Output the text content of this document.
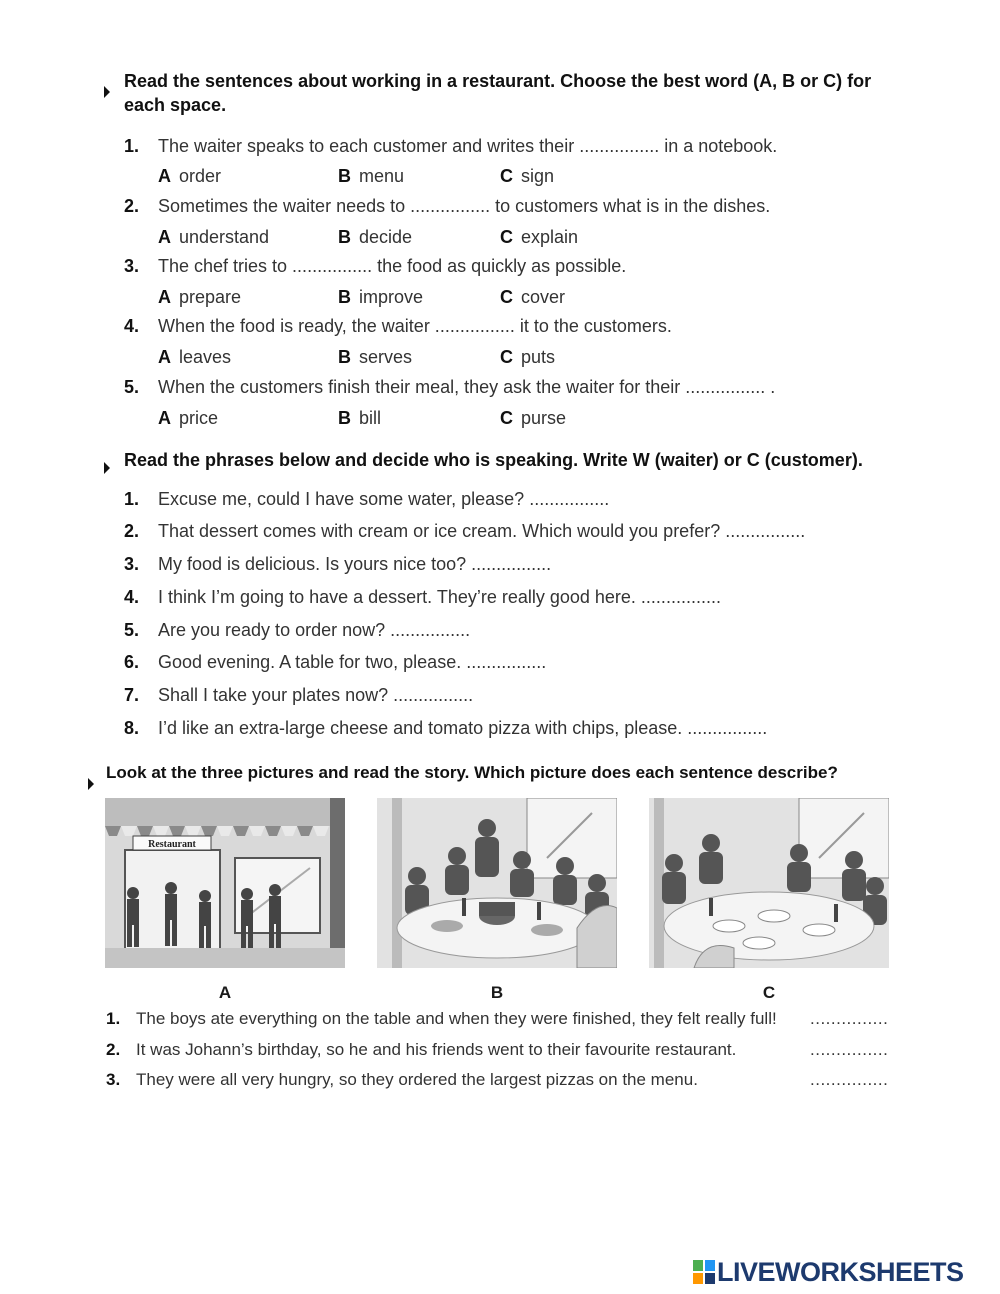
Read the sentences about working in a restaurant. Choose the best word (A, B or C) for each space.
1. The waiter speaks to each customer and writes their ................ in a notebook.
A order	B menu	C sign
2. Sometimes the waiter needs to ................ to customers what is in the dishes.
A understand	B decide	C explain
3. The chef tries to ................ the food as quickly as possible.
A prepare	B improve	C cover
4. When the food is ready, the waiter ................ it to the customers.
A leaves	B serves	C puts
5. When the customers finish their meal, they ask the waiter for their ................ .
A price	B bill	C purse
Read the phrases below and decide who is speaking. Write W (waiter) or C (customer).
1. Excuse me, could I have some water, please? ................
2. That dessert comes with cream or ice cream. Which would you prefer? ................
3. My food is delicious. Is yours nice too? ................
4. I think I’m going to have a dessert. They’re really good here. ................
5. Are you ready to order now? ................
6. Good evening. A table for two, please. ................
7. Shall I take your plates now? ................
8. I’d like an extra-large cheese and tomato pizza with chips, please. ................
Look at the three pictures and read the story. Which picture does each sentence describe?
Restaurant
A	B	C
1. The boys ate everything on the table and when they were finished, they felt really full! ...............
2. It was Johann’s birthday, so he and his friends went to their favourite restaurant.	...............
3. They were all very hungry, so they ordered the largest pizzas on the menu.	...............
LIVEWORKSHEETS
